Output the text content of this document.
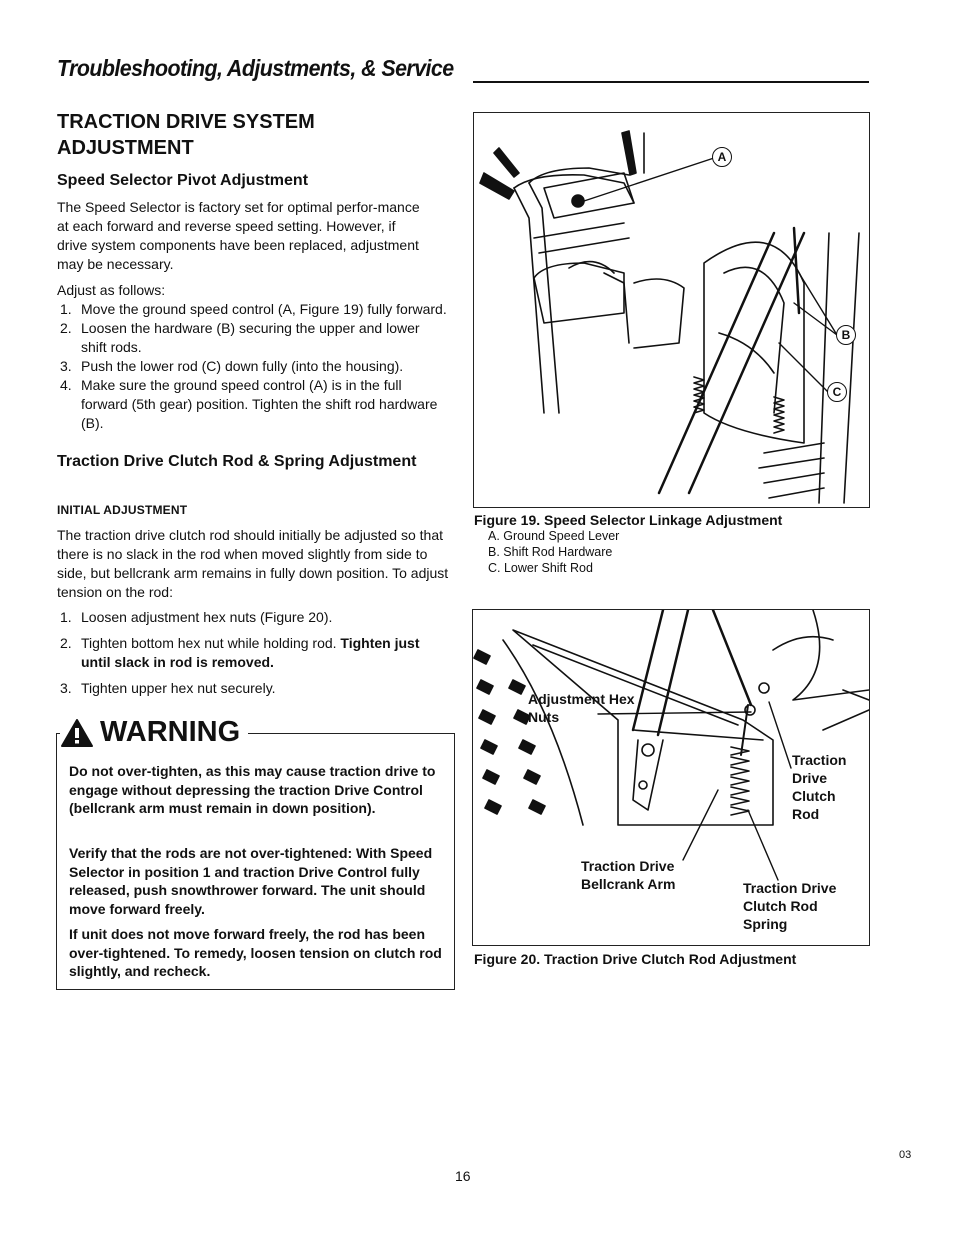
Troubleshooting, Adjustments, & Service
TRACTION DRIVE SYSTEM ADJUSTMENT
Speed Selector Pivot Adjustment
The Speed Selector is factory set for optimal perfor-mance at each forward and reverse speed setting. However, if drive system components have been replaced, adjustment may be necessary.
Adjust as follows:
1. Move the ground speed control (A, Figure 19) fully forward.
2. Loosen the hardware (B) securing the upper and lower shift rods.
3. Push the lower rod (C) down fully (into the housing).
4. Make sure the ground speed control (A) is in the full forward (5th gear) position. Tighten the shift rod hardware (B).
Traction Drive Clutch Rod & Spring Adjustment
INITIAL ADJUSTMENT
The traction drive clutch rod should initially be adjusted so that there is no slack in the rod when moved slightly from side to side, but bellcrank arm remains in fully down position. To adjust tension on the rod:
1. Loosen adjustment hex nuts (Figure 20).
2. Tighten bottom hex nut while holding rod. Tighten just until slack in rod is removed.
3. Tighten upper hex nut securely.
WARNING
Do not over-tighten, as this may cause traction drive to engage without depressing the traction Drive Control (bellcrank arm must remain in down position).
Verify that the rods are not over-tightened: With Speed Selector in position 1 and traction Drive Control fully released, push snowthrower forward. The unit should move forward freely.
If unit does not move forward freely, the rod has been over-tightened. To remedy, loosen tension on clutch rod slightly, and recheck.
A
B
C
Figure 19. Speed Selector Linkage Adjustment
A. Ground Speed Lever
B. Shift Rod Hardware
C. Lower Shift Rod
Adjustment Hex Nuts
Traction Drive Clutch Rod
Traction Drive Bellcrank Arm	Traction Drive Clutch Rod Spring
Figure 20. Traction Drive Clutch Rod Adjustment
03
16
